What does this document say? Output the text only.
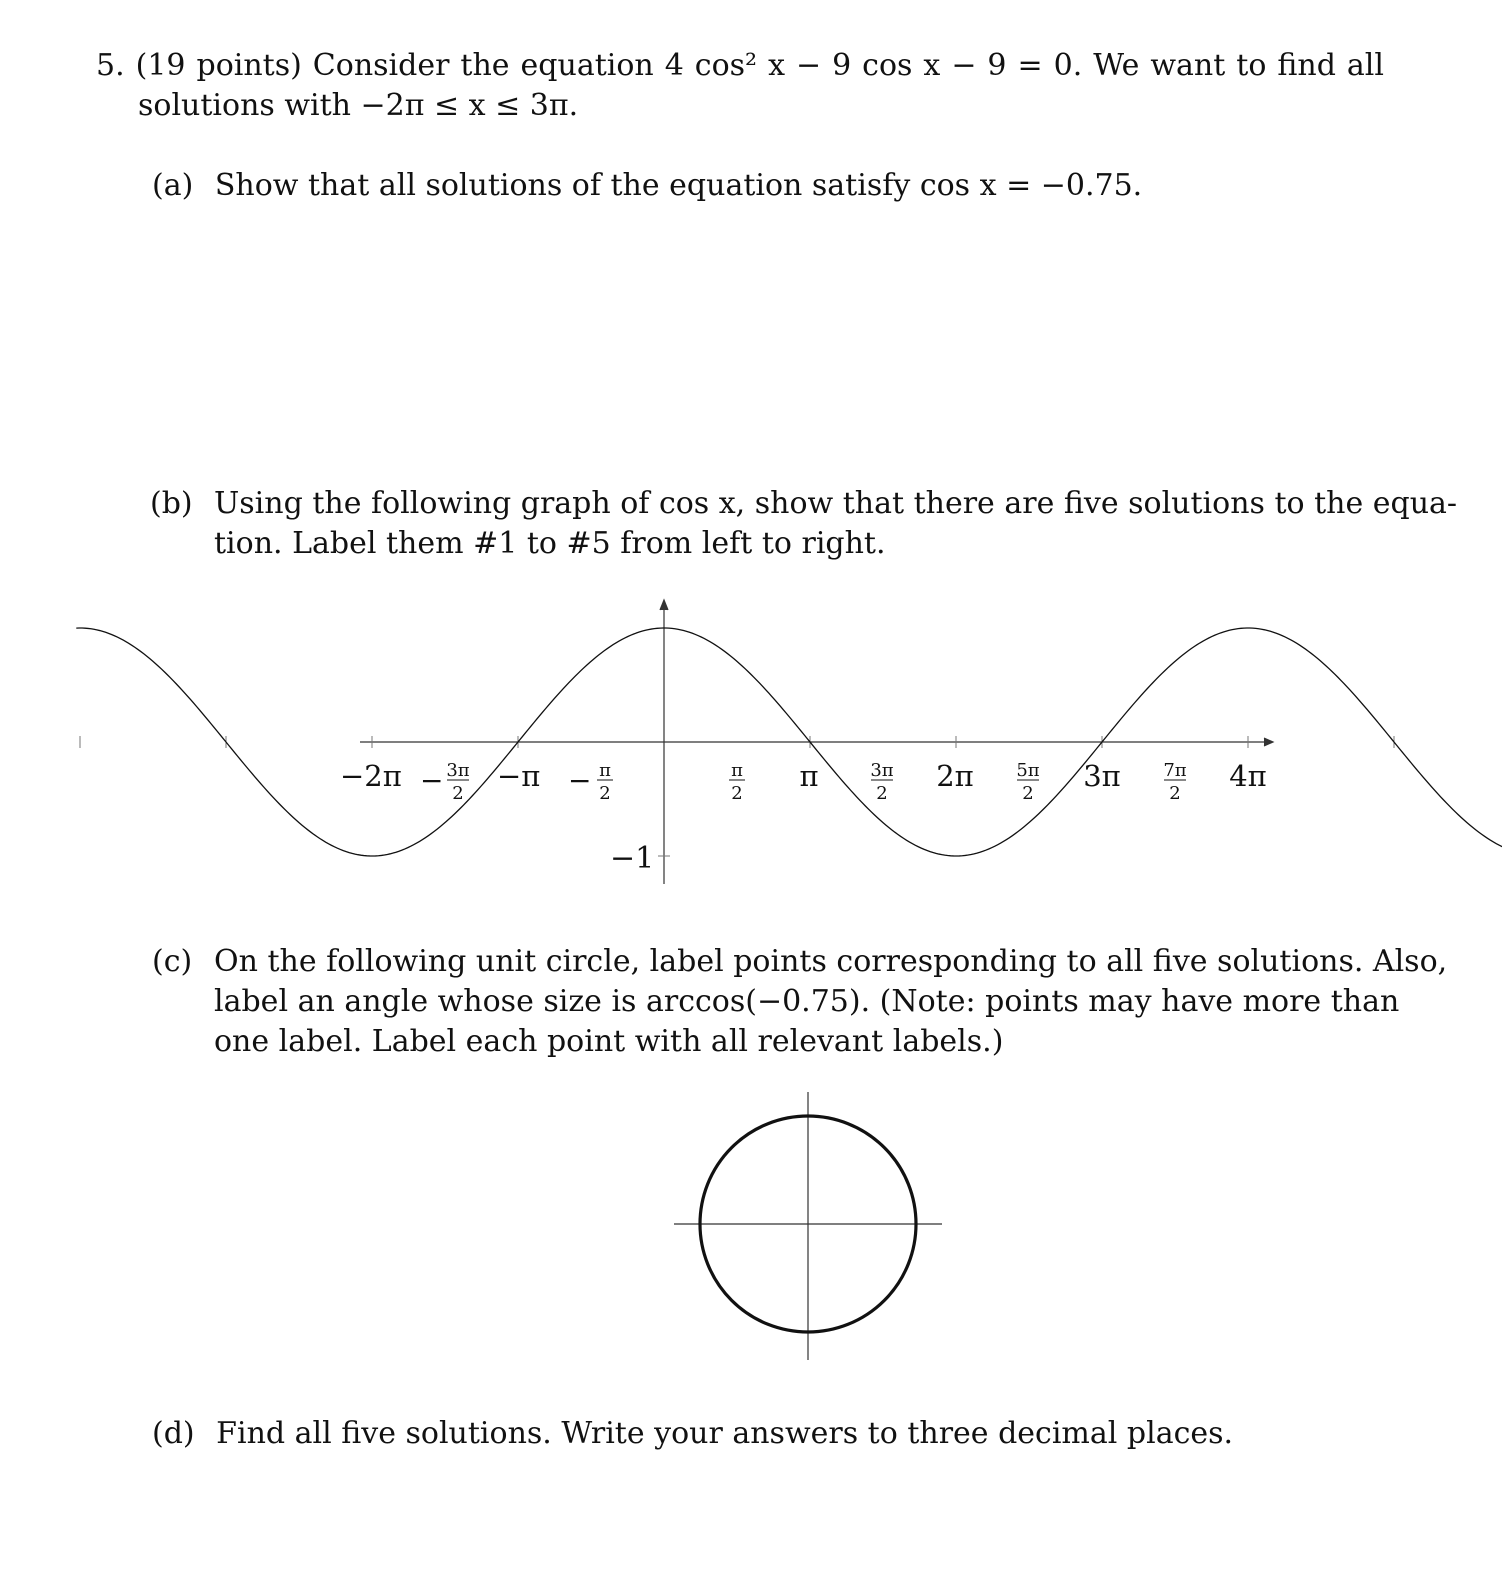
5. (19 points) Consider the equation 4 cos² x − 9 cos x − 9 = 0. We want to find all
solutions with −2π ≤ x ≤ 3π.
(a) Show that all solutions of the equation satisfy cos x = −0.75.
(b) Using the following graph of cos x, show that there are five solutions to the equa-
tion. Label them #1 to #5 from left to right.
−2π − 3π
2
−π − π
2
π
2
π	3π
2
2π 5π
2
3π 7π
2
4π
−1
(c) On the following unit circle, label points corresponding to all five solutions. Also,
label an angle whose size is arccos(−0.75). (Note: points may have more than
one label. Label each point with all relevant labels.)
(d) Find all five solutions. Write your answers to three decimal places.
